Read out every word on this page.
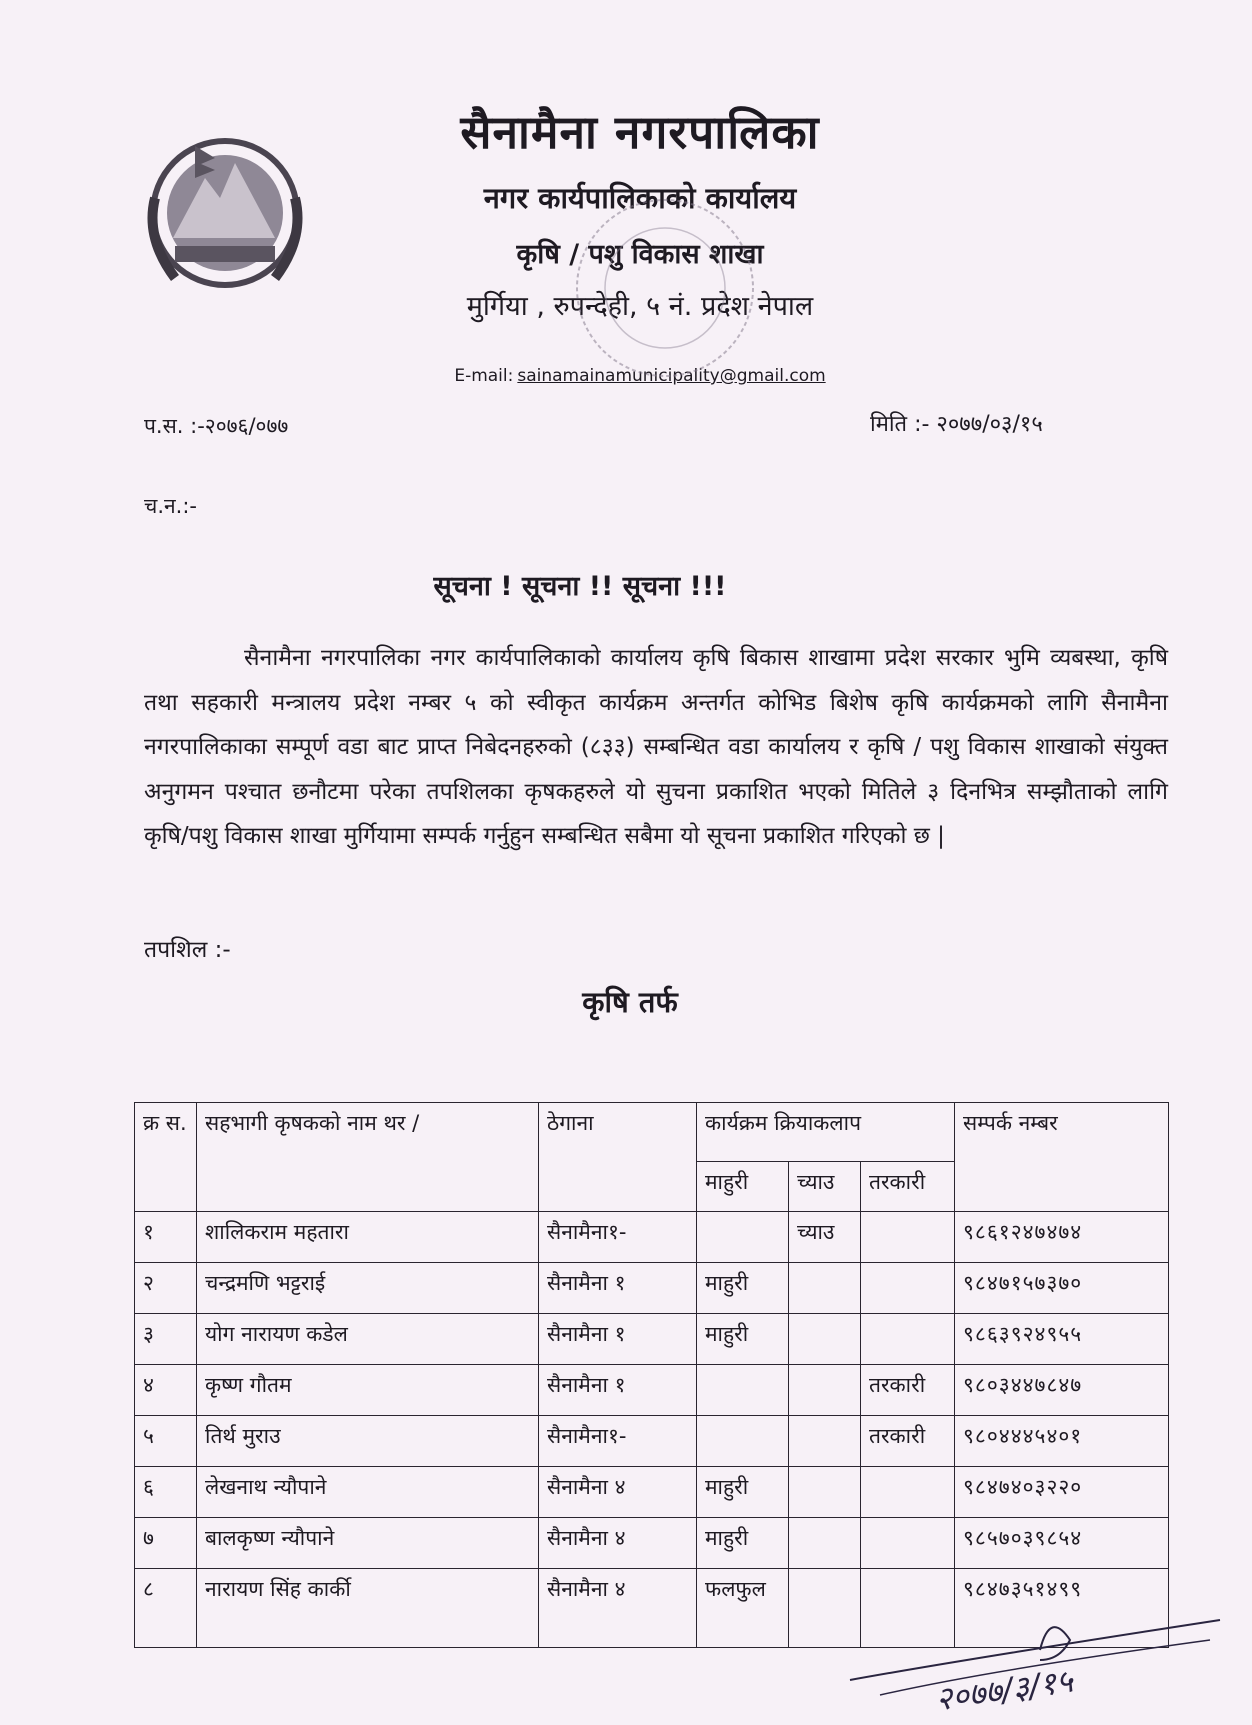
सैनामैना नगरपालिका
नगर कार्यपालिकाको कार्यालय
कृषि / पशु विकास शाखा
मुर्गिया , रुपन्देही, ५ नं. प्रदेश नेपाल
E-mail: sainamainamunicipality@gmail.com
प.स. :-२०७६/०७७	मिति :- २०७७/०३/१५
च.न.:-
सूचना ! सूचना !! सूचना !!!
सैनामैना नगरपालिका नगर कार्यपालिकाको कार्यालय कृषि बिकास शाखामा प्रदेश सरकार भुमि व्यबस्था, कृषि तथा सहकारी मन्त्रालय प्रदेश नम्बर ५ को स्वीकृत कार्यक्रम अन्तर्गत कोभिड बिशेष कृषि कार्यक्रमको लागि सैनामैना नगरपालिकाका सम्पूर्ण वडा बाट प्राप्त निबेदनहरुको (८३३) सम्बन्धित वडा कार्यालय र कृषि / पशु विकास शाखाको संयुक्त अनुगमन पश्चात छनौटमा परेका तपशिलका कृषकहरुले यो सुचना प्रकाशित भएको मितिले ३ दिनभित्र सम्झौताको लागि कृषि/पशु विकास शाखा मुर्गियामा सम्पर्क गर्नुहुन सम्बन्धित सबैमा यो सूचना प्रकाशित गरिएको छ |
तपशिल :-
कृषि तर्फ
क्र स.	सहभागी कृषकको नाम थर /	ठेगाना	कार्यक्रम क्रियाकलाप			सम्पर्क नम्बर
			माहुरी	च्याउ	तरकारी	
१	शालिकराम महतारा	सैनामैना१-		च्याउ		९८६१२४७४७४
२	चन्द्रमणि भट्टराई	सैनामैना १	माहुरी			९८४७१५७३७०
३	योग नारायण कडेल	सैनामैना १	माहुरी			९८६३९२४९५५
४	कृष्ण गौतम	सैनामैना १			तरकारी	९८०३४४७८४७
५	तिर्थ मुराउ	सैनामैना१-			तरकारी	९८०४४४५४०१
६	लेखनाथ न्यौपाने	सैनामैना ४	माहुरी			९८४७४०३२२०
७	बालकृष्ण न्यौपाने	सैनामैना ४	माहुरी			९८५७०३९८५४
८	नारायण सिंह कार्की	सैनामैना ४	फलफुल			९८४७३५१४९९
२०७७/३/१५
